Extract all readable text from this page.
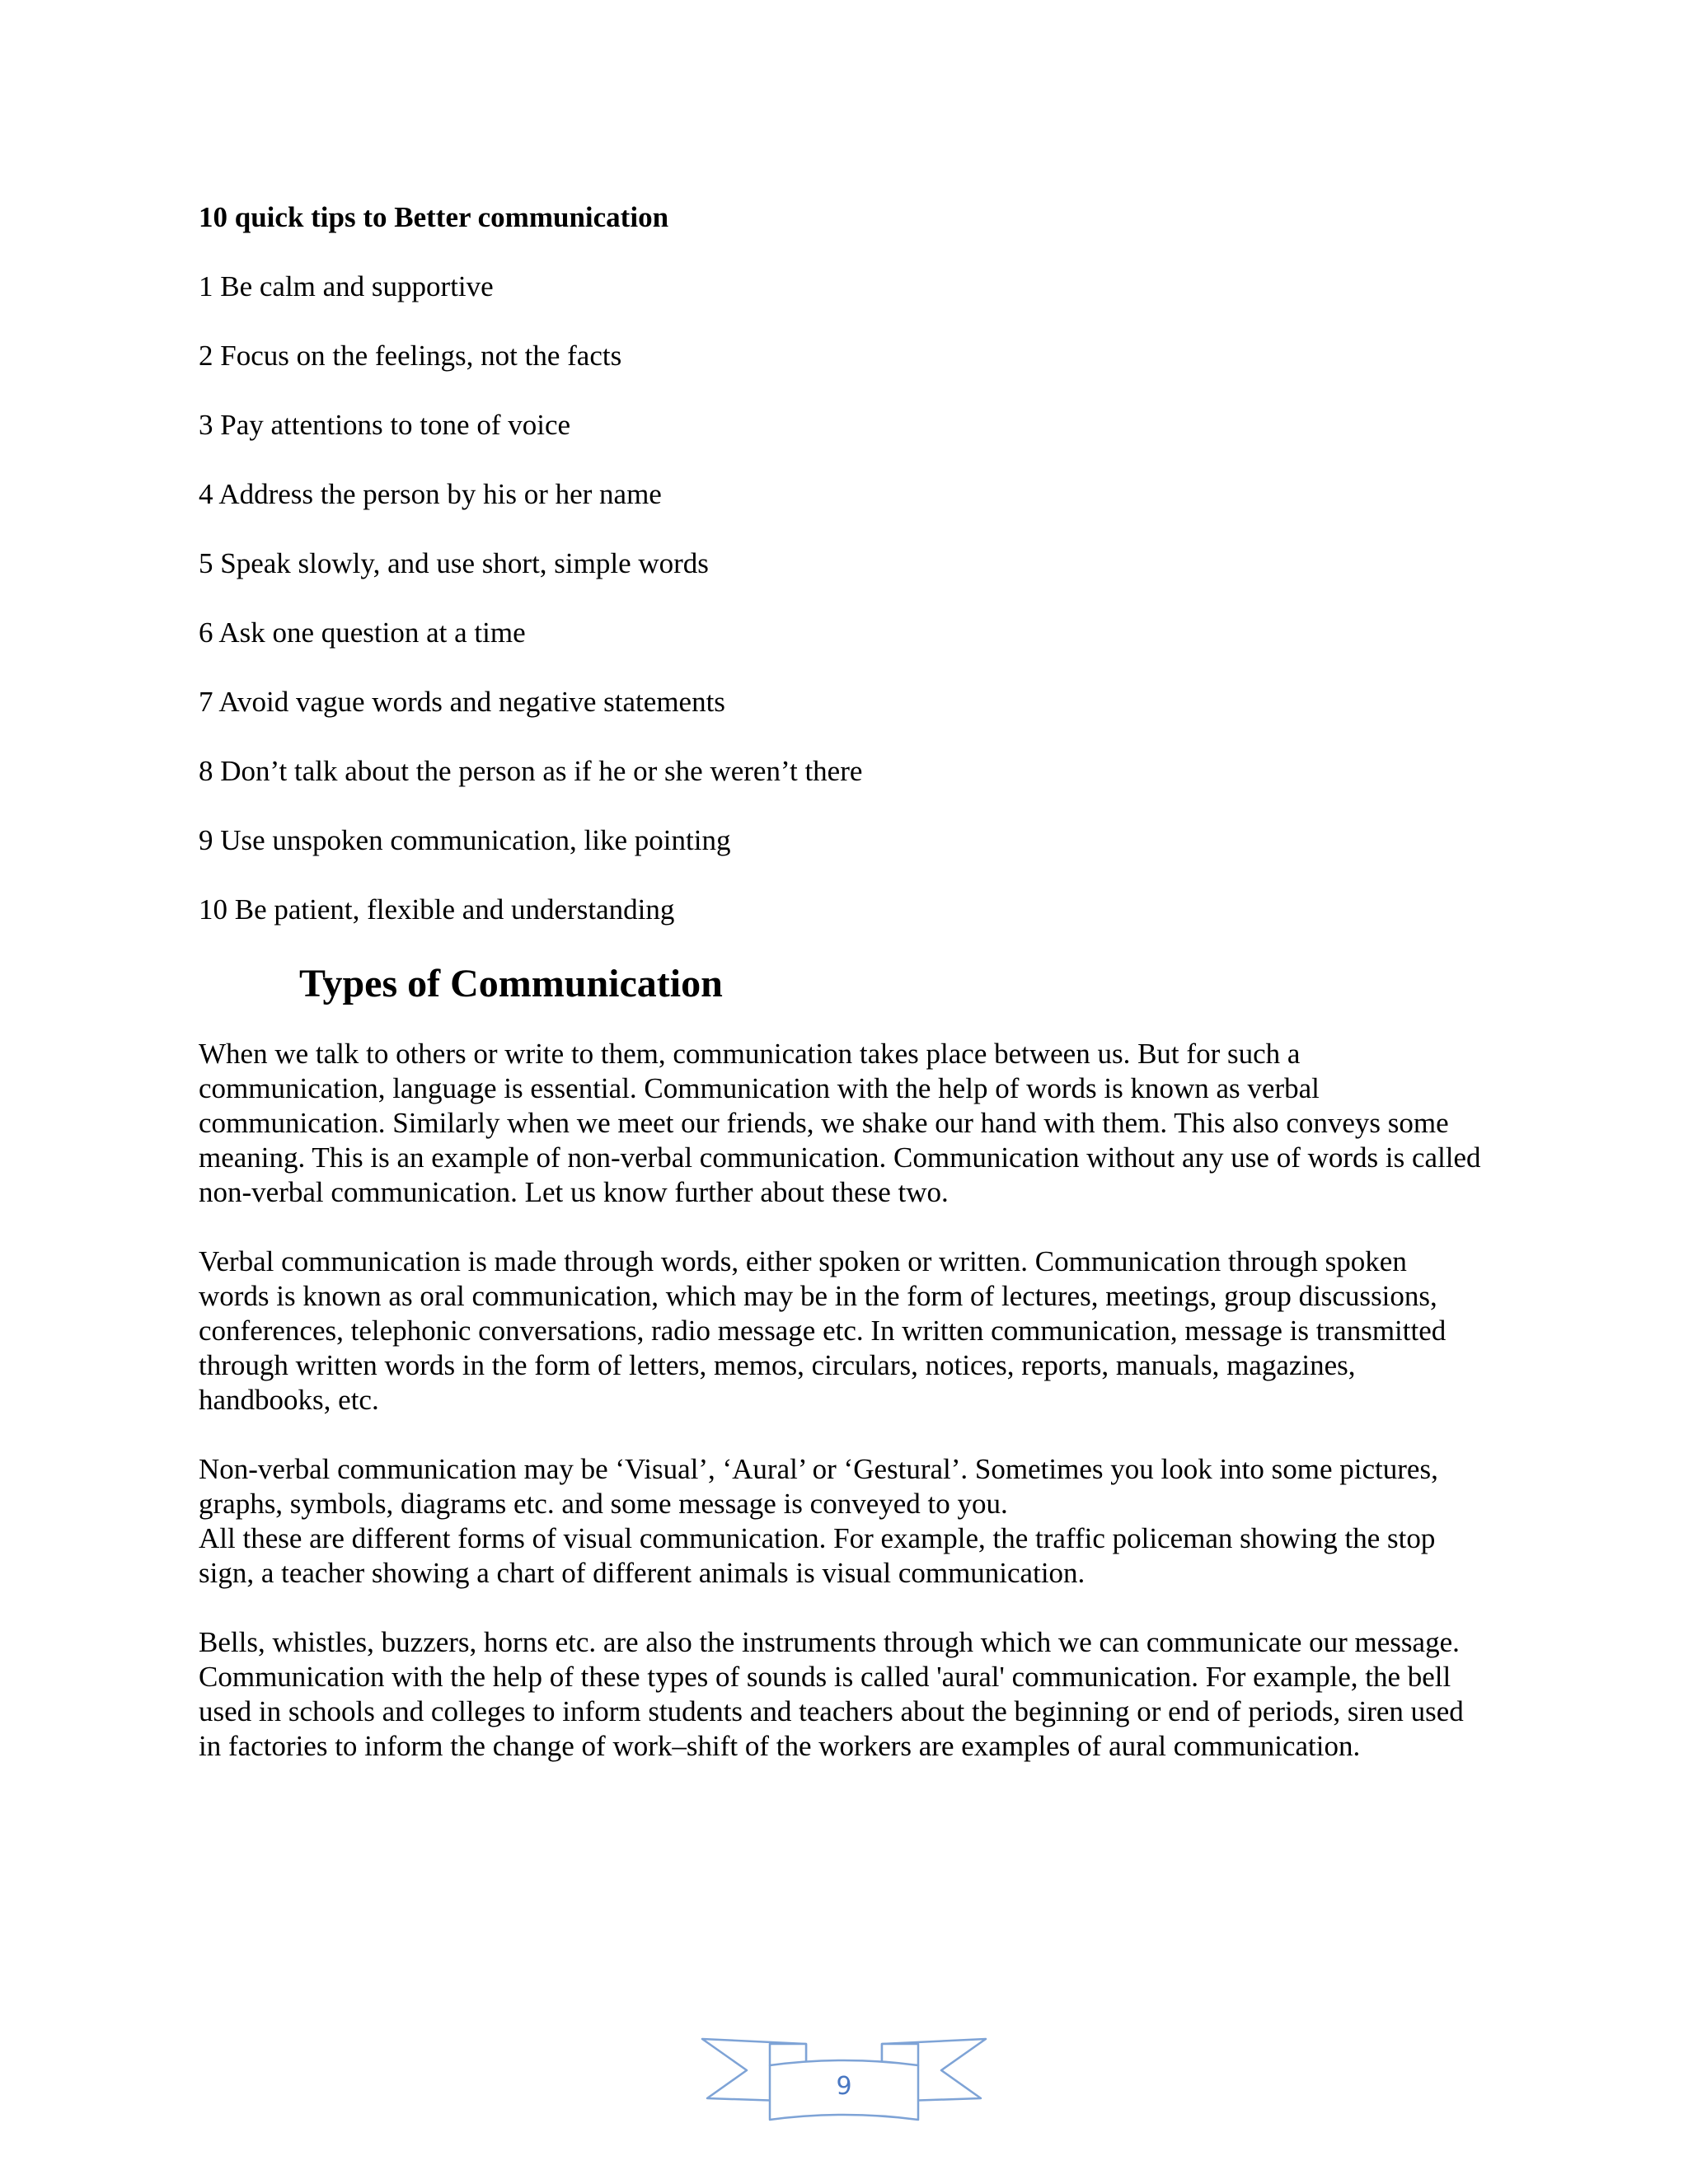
10 quick tips to Better communication

1 Be calm and supportive

2 Focus on the feelings, not the facts

3 Pay attentions to tone of voice

4 Address the person by his or her name

5 Speak slowly, and use short, simple words

6 Ask one question at a time

7 Avoid vague words and negative statements

8 Don’t talk about the person as if he or she weren’t there

9 Use unspoken communication, like pointing

10 Be patient, flexible and understanding

Types of Communication

When we talk to others or write to them, communication takes place between us. But for such a communication, language is essential. Communication with the help of words is known as verbal communication. Similarly when we meet our friends, we shake our hand with them. This also conveys some meaning. This is an example of non-verbal communication. Communication without any use of words is called non-verbal communication. Let us know further about these two.

Verbal communication is made through words, either spoken or written. Communication through spoken words is known as oral communication, which may be in the form of lectures, meetings, group discussions, conferences, telephonic conversations, radio message etc. In written communication, message is transmitted through written words in the form of letters, memos, circulars, notices, reports, manuals, magazines, handbooks, etc.

Non-verbal communication may be ‘Visual’, ‘Aural’ or ‘Gestural’. Sometimes you look into some pictures, graphs, symbols, diagrams etc. and some message is conveyed to you.

All these are different forms of visual communication. For example, the traffic policeman showing the stop sign, a teacher showing a chart of different animals is visual communication.

Bells, whistles, buzzers, horns etc. are also the instruments through which we can communicate our message. Communication with the help of these types of sounds is called 'aural' communication. For example, the bell used in schools and colleges to inform students and teachers about the beginning or end of periods, siren used in factories to inform the change of work–shift of the workers are examples of aural communication.

9
